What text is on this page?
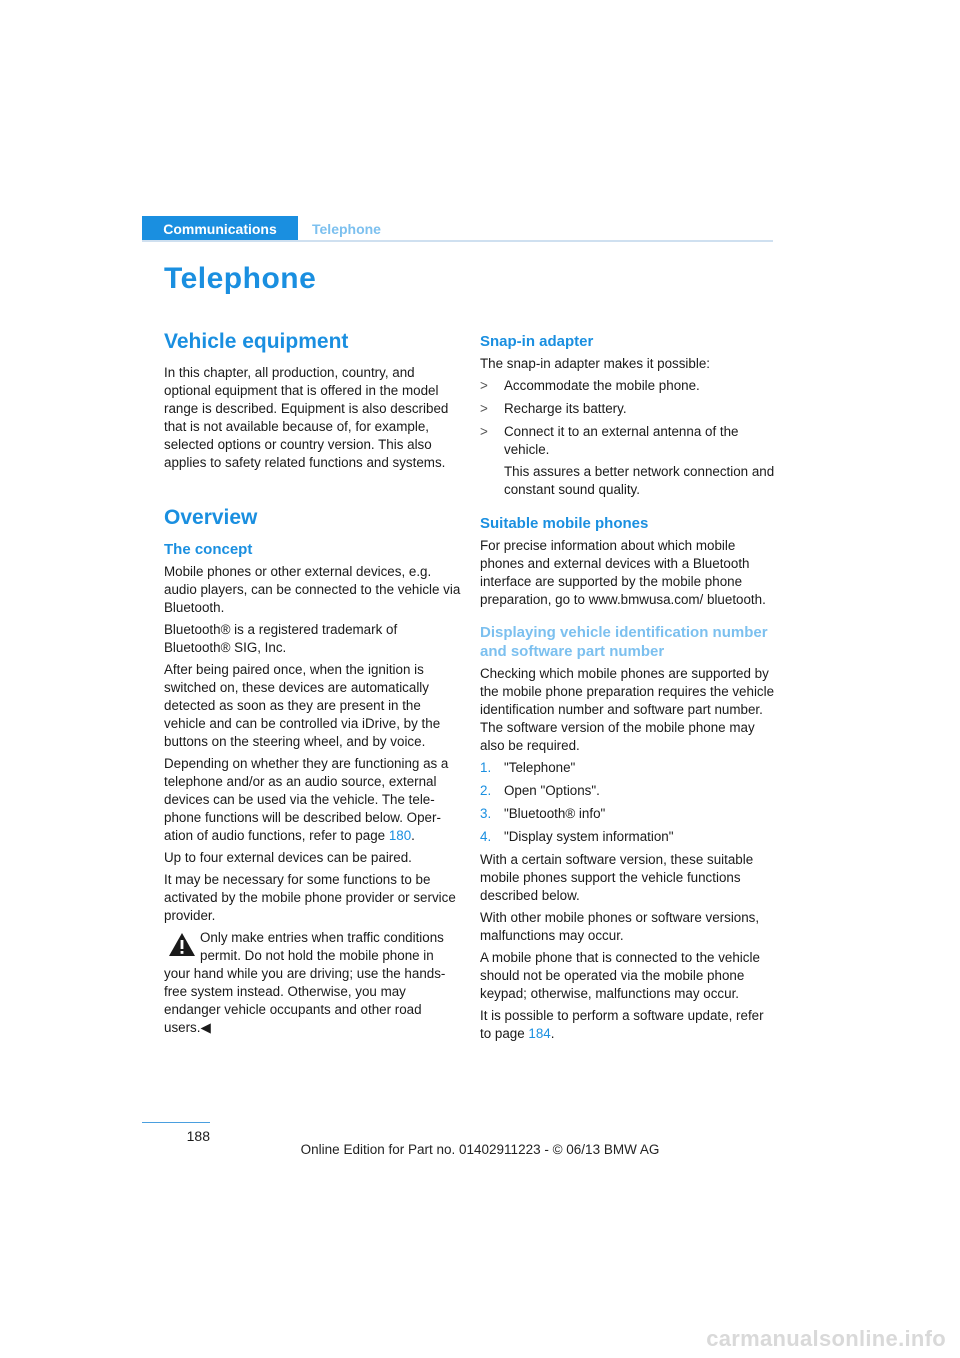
Communications	Telephone
Telephone
Vehicle equipment

In this chapter, all production, country, and optional equipment that is offered in the model range is described. Equipment is also described that is not available because of, for example, selected options or country version. This also applies to safety related functions and systems.

Overview
The concept

Mobile phones or other external devices, e.g. audio players, can be connected to the vehicle via Bluetooth.

Bluetooth® is a registered trademark of Bluetooth® SIG, Inc.

After being paired once, when the ignition is switched on, these devices are automatically detected as soon as they are present in the vehicle and can be controlled via iDrive, by the buttons on the steering wheel, and by voice.

Depending on whether they are functioning as a telephone and/or as an audio source, external devices can be used via the vehicle. The tele-phone functions will be described below. Oper-ation of audio functions, refer to page 180.

Up to four external devices can be paired.

It may be necessary for some functions to be activated by the mobile phone provider or service provider.

Only make entries when traffic conditions permit. Do not hold the mobile phone in

your hand while you are driving; use the hands-free system instead. Otherwise, you may endanger vehicle occupants and other road users.◀

Snap-in adapter

The snap-in adapter makes it possible:

> Accommodate the mobile phone.
> Recharge its battery.
> Connect it to an external antenna of the vehicle.
This assures a better network connection and constant sound quality.
Suitable mobile phones

For precise information about which mobile phones and external devices with a Bluetooth interface are supported by the mobile phone preparation, go to www.bmwusa.com/ bluetooth.

Displaying vehicle identification number and software part number

Checking which mobile phones are supported by the mobile phone preparation requires the vehicle identification number and software part number. The software version of the mobile phone may also be required.

1. "Telephone"
2. Open "Options".
3. "Bluetooth® info"
4. "Display system information"

With a certain software version, these suitable mobile phones support the vehicle functions described below.

With other mobile phones or software versions, malfunctions may occur.

A mobile phone that is connected to the vehicle should not be operated via the mobile phone keypad; otherwise, malfunctions may occur.

It is possible to perform a software update, refer to page 184.

188
Online Edition for Part no. 01402911223 - © 06/13 BMW AG
carmanualsonline.info
